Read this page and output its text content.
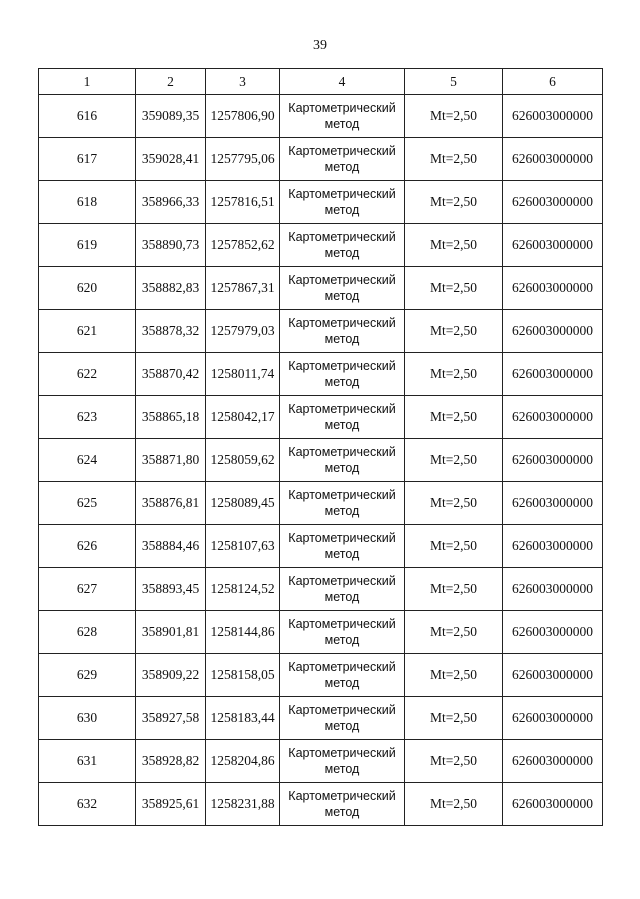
39
1	2	3	4	5	6
616	359089,35	1257806,90	Картометрический метод	Mt=2,50	626003000000
617	359028,41	1257795,06	Картометрический метод	Mt=2,50	626003000000
618	358966,33	1257816,51	Картометрический метод	Mt=2,50	626003000000
619	358890,73	1257852,62	Картометрический метод	Mt=2,50	626003000000
620	358882,83	1257867,31	Картометрический метод	Mt=2,50	626003000000
621	358878,32	1257979,03	Картометрический метод	Mt=2,50	626003000000
622	358870,42	1258011,74	Картометрический метод	Mt=2,50	626003000000
623	358865,18	1258042,17	Картометрический метод	Mt=2,50	626003000000
624	358871,80	1258059,62	Картометрический метод	Mt=2,50	626003000000
625	358876,81	1258089,45	Картометрический метод	Mt=2,50	626003000000
626	358884,46	1258107,63	Картометрический метод	Mt=2,50	626003000000
627	358893,45	1258124,52	Картометрический метод	Mt=2,50	626003000000
628	358901,81	1258144,86	Картометрический метод	Mt=2,50	626003000000
629	358909,22	1258158,05	Картометрический метод	Mt=2,50	626003000000
630	358927,58	1258183,44	Картометрический метод	Mt=2,50	626003000000
631	358928,82	1258204,86	Картометрический метод	Mt=2,50	626003000000
632	358925,61	1258231,88	Картометрический метод	Mt=2,50	626003000000
